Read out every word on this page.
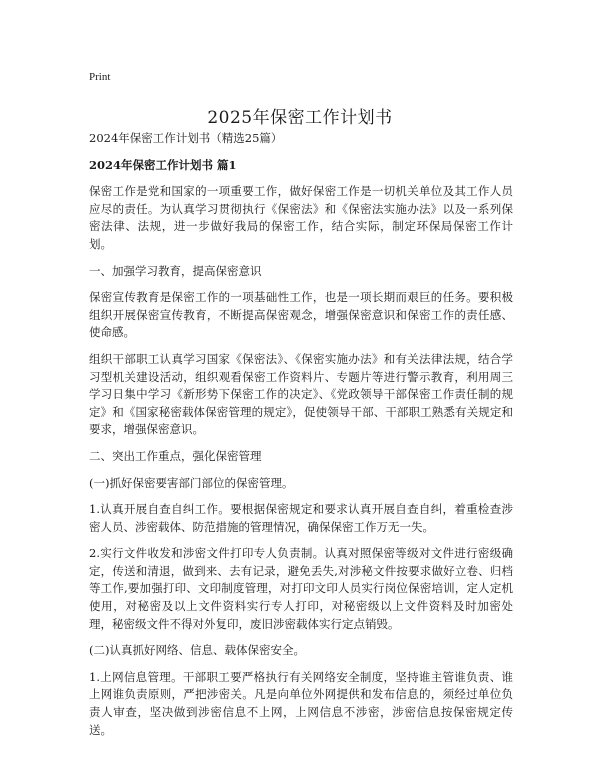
Print
2025年保密工作计划书

2024年保密工作计划书（精选25篇）

2024年保密工作计划书 篇1

保密工作是党和国家的一项重要工作，做好保密工作是一切机关单位及其工作人员应尽的责任。为认真学习贯彻执行《保密法》和《保密法实施办法》以及一系列保密法律、法规，进一步做好我局的保密工作，结合实际，制定环保局保密工作计划。

一、加强学习教育，提高保密意识

保密宣传教育是保密工作的一项基础性工作，也是一项长期而艰巨的任务。要积极组织开展保密宣传教育，不断提高保密观念，增强保密意识和保密工作的责任感、使命感。

组织干部职工认真学习国家《保密法》、《保密实施办法》和有关法律法规，结合学习型机关建设活动，组织观看保密工作资料片、专题片等进行警示教育，利用周三学习日集中学习《新形势下保密工作的决定》、《党政领导干部保密工作责任制的规定》和《国家秘密载体保密管理的规定》，促使领导干部、干部职工熟悉有关规定和要求，增强保密意识。

二、突出工作重点，强化保密管理

(一)抓好保密要害部门部位的保密管理。

1.认真开展自查自纠工作。要根据保密规定和要求认真开展自查自纠，着重检查涉密人员、涉密载体、防范措施的管理情况，确保保密工作万无一失。

2.实行文件收发和涉密文件打印专人负责制。认真对照保密等级对文件进行密级确定，传送和清退，做到来、去有记录，避免丢失,对涉秘文件按要求做好立卷、归档等工作,要加强打印、文印制度管理，对打印文印人员实行岗位保密培训，定人定机使用，对秘密及以上文件资料实行专人打印，对秘密级以上文件资料及时加密处理，秘密级文件不得对外复印，废旧涉密载体实行定点销毁。

(二)认真抓好网络、信息、载体保密安全。

1.上网信息管理。干部职工要严格执行有关网络安全制度，坚持谁主管谁负责、谁上网谁负责原则，严把涉密关。凡是向单位外网提供和发布信息的，须经过单位负责人审查，坚决做到涉密信息不上网，上网信息不涉密，涉密信息按保密规定传送。
